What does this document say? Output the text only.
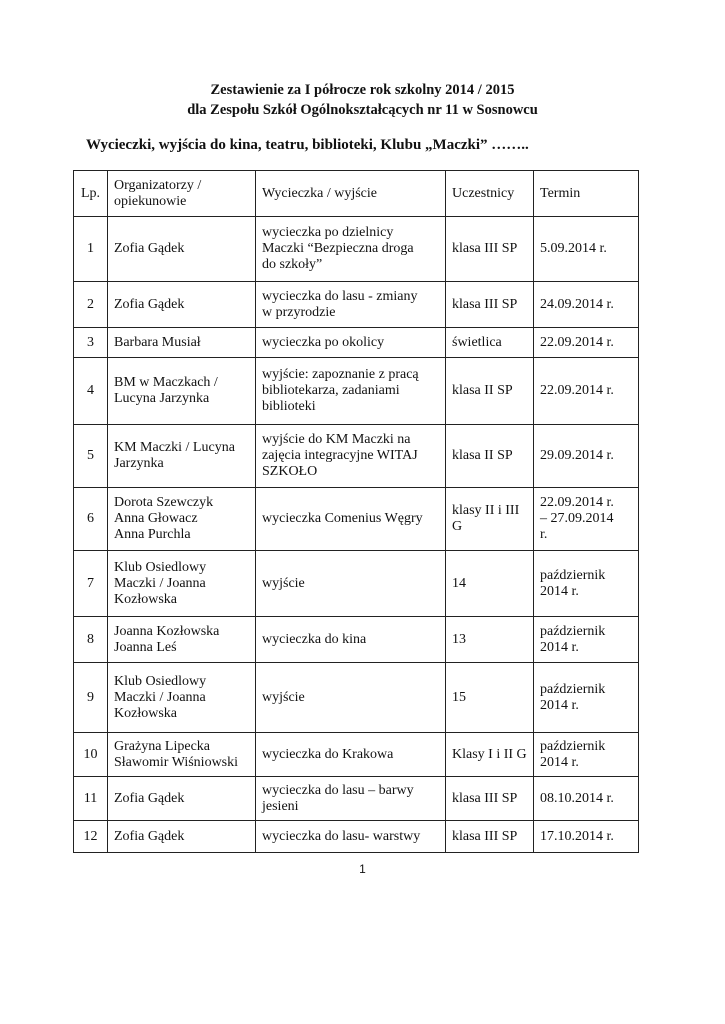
Zestawienie za I półrocze rok szkolny 2014 / 2015
dla Zespołu Szkół Ogólnokształcących nr 11 w Sosnowcu
Wycieczki, wyjścia do kina, teatru, biblioteki, Klubu „Maczki” ……..
Lp.	Organizatorzy /
opiekunowie	Wycieczka / wyjście	Uczestnicy	Termin
1	Zofia Gądek	wycieczka po dzielnicy
Maczki “Bezpieczna droga
do szkoły”	klasa III SP	5.09.2014 r.
2	Zofia Gądek	wycieczka do lasu - zmiany
w przyrodzie	klasa III SP	24.09.2014 r.
3	Barbara Musiał	wycieczka po okolicy	świetlica	22.09.2014 r.
4	BM w Maczkach /
Lucyna Jarzynka	wyjście: zapoznanie z pracą
bibliotekarza, zadaniami
biblioteki	klasa II SP	22.09.2014 r.
5	KM Maczki / Lucyna
Jarzynka	wyjście do KM Maczki na
zajęcia integracyjne WITAJ
SZKOŁO	klasa II SP	29.09.2014 r.
6	Dorota Szewczyk
Anna Głowacz
Anna Purchla	wycieczka Comenius Węgry	klasy II i III
G	22.09.2014 r.
– 27.09.2014
r.
7	Klub Osiedlowy
Maczki / Joanna
Kozłowska	wyjście	14	październik
2014 r.
8	Joanna Kozłowska
Joanna Leś	wycieczka do kina	13	październik
2014 r.
9	Klub Osiedlowy
Maczki / Joanna
Kozłowska	wyjście	15	październik
2014 r.
10	Grażyna Lipecka
Sławomir Wiśniowski	wycieczka do Krakowa	Klasy I i II G	październik
2014 r.
11	Zofia Gądek	wycieczka do lasu – barwy
jesieni	klasa III SP	08.10.2014 r.
12	Zofia Gądek	wycieczka do lasu- warstwy	klasa III SP	17.10.2014 r.
1
